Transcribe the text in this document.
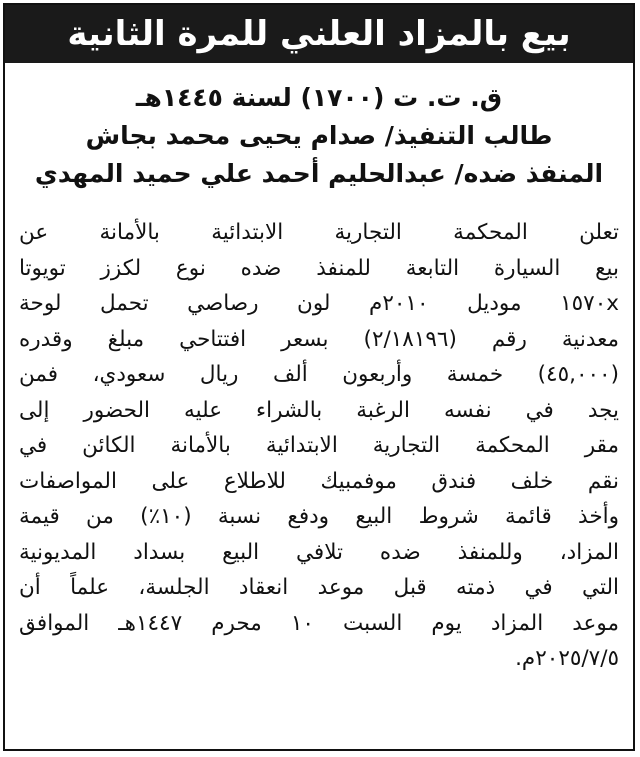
بيع بالمزاد العلني للمرة الثانية
ق. ت. ت (١٧٠٠) لسنة ١٤٤٥هـ
طالب التنفيذ/ صدام يحيى محمد بجاش
المنفذ ضده/ عبدالحليم أحمد علي حميد المهدي
تعلن المحكمة التجارية الابتدائية بالأمانة عن
بيع السيارة التابعة للمنفذ ضده نوع لكزز تويوتا
١٥٧٠x موديل ٢٠١٠م لون رصاصي تحمل لوحة
معدنية رقم (٢/١٨١٩٦) بسعر افتتاحي مبلغ وقدره
(٤٥,٠٠٠) خمسة وأربعون ألف ريال سعودي، فمن
يجد في نفسه الرغبة بالشراء عليه الحضور إلى
مقر المحكمة التجارية الابتدائية بالأمانة الكائن في
نقم خلف فندق موفمبيك للاطلاع على المواصفات
وأخذ قائمة شروط البيع ودفع نسبة (١٠٪) من قيمة
المزاد، وللمنفذ ضده تلافي البيع بسداد المديونية
التي في ذمته قبل موعد انعقاد الجلسة، علماً أن
موعد المزاد يوم السبت ١٠ محرم ١٤٤٧هـ الموافق
٢٠٢٥/٧/٥م.
